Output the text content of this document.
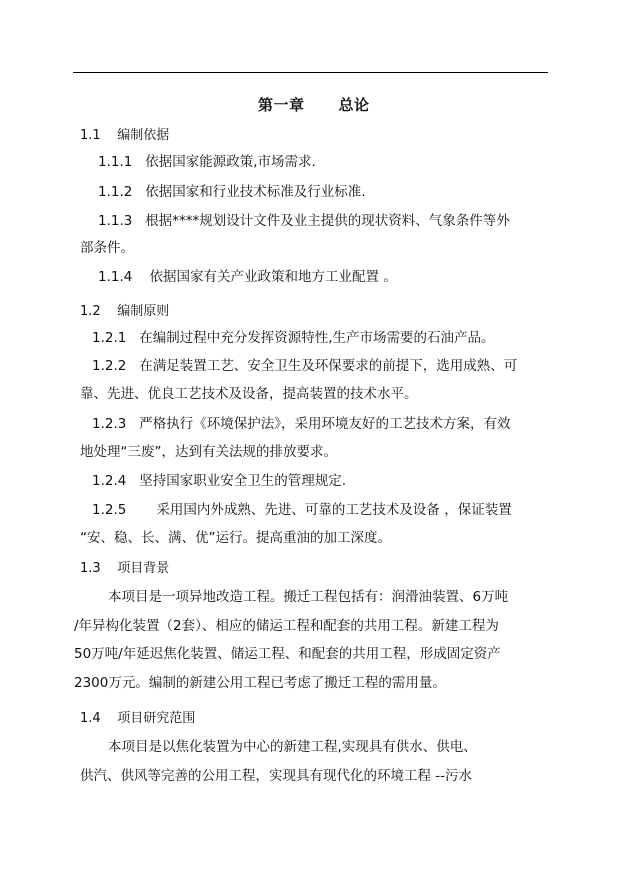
第一章 总论
1.1 编制依据
1.1.1 依据国家能源政策,市场需求.
1.1.2 依据国家和行业技术标准及行业标准.
1.1.3 根据****规划设计文件及业主提供的现状资料、气象条件等外
部条件。
1.1.4 依据国家有关产业政策和地方工业配置 。
1.2 编制原则
1.2.1 在编制过程中充分发挥资源特性,生产市场需要的石油产品。
1.2.2 在满足装置工艺、安全卫生及环保要求的前提下，选用成熟、可
靠、先进、优良工艺技术及设备，提高装置的技术水平。
1.2.3 严格执行《环境保护法》，采用环境友好的工艺技术方案，有效
地处理“三废”，达到有关法规的排放要求。
1.2.4 坚持国家职业安全卫生的管理规定.
1.2.5 采用国内外成熟、先进、可靠的工艺技术及设备 ，保证装置
“安、稳、长、满、优”运行。提高重油的加工深度。
1.3 项目背景
本项目是一项异地改造工程。搬迁工程包括有：润滑油装置、6万吨
/年异构化装置（2套）、相应的储运工程和配套的共用工程。新建工程为
50万吨/年延迟焦化装置、储运工程、和配套的共用工程，形成固定资产
2300万元。编制的新建公用工程已考虑了搬迁工程的需用量。
1.4 项目研究范围
本项目是以焦化装置为中心的新建工程,实现具有供水、供电、
供汽、供风等完善的公用工程，实现具有现代化的环境工程 --污水
